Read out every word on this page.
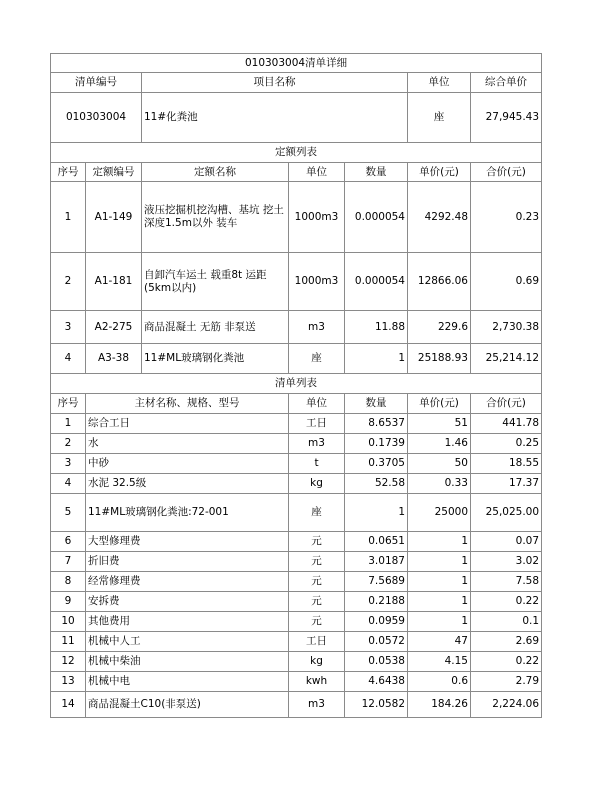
010303004清单详细						
清单编号		项目名称			单位	综合单价
010303004		11#化粪池			座	27,945.43
定额列表						
序号	定额编号	定额名称	单位	数量	单价(元)	合价(元)
1	A1-149	液压挖掘机挖沟槽、基坑 挖土深度1.5m以外 装车	1000m3	0.000054	4292.48	0.23
2	A1-181	自卸汽车运土 载重8t 运距(5km以内)	1000m3	0.000054	12866.06	0.69
3	A2-275	商品混凝土 无筋 非泵送	m3	11.88	229.6	2,730.38
4	A3-38	11#ML玻璃钢化粪池	座	1	25188.93	25,214.12
清单列表						
序号	主材名称、规格、型号		单位	数量	单价(元)	合价(元)
1	综合工日		工日	8.6537	51	441.78
2	水		m3	0.1739	1.46	0.25
3	中砂		t	0.3705	50	18.55
4	水泥 32.5级		kg	52.58	0.33	17.37
5	11#ML玻璃钢化粪池:72-001		座	1	25000	25,025.00
6	大型修理费		元	0.0651	1	0.07
7	折旧费		元	3.0187	1	3.02
8	经常修理费		元	7.5689	1	7.58
9	安拆费		元	0.2188	1	0.22
10	其他费用		元	0.0959	1	0.1
11	机械中人工		工日	0.0572	47	2.69
12	机械中柴油		kg	0.0538	4.15	0.22
13	机械中电		kwh	4.6438	0.6	2.79
14	商品混凝土C10(非泵送)		m3	12.0582	184.26	2,224.06
